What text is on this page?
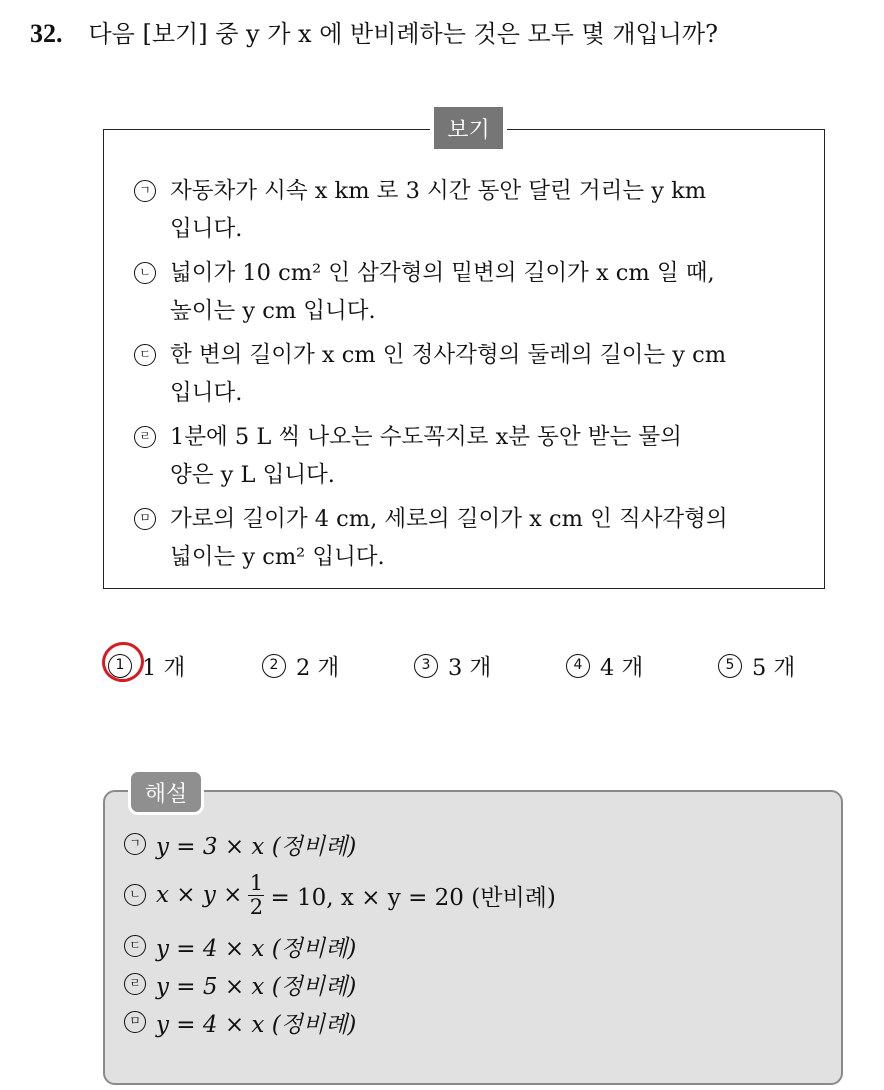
32. 다음 [보기] 중 y 가 x 에 반비례하는 것은 모두 몇 개입니까?
보기
ㄱ 자동차가 시속 x km 로 3 시간 동안 달린 거리는 y km
입니다.
ㄴ 넓이가 10 cm² 인 삼각형의 밑변의 길이가 x cm 일 때,
높이는 y cm 입니다.
ㄷ 한 변의 길이가 x cm 인 정사각형의 둘레의 길이는 y cm
입니다.
ㄹ 1분에 5 L 씩 나오는 수도꼭지로 x분 동안 받는 물의
양은 y L 입니다.
ㅁ 가로의 길이가 4 cm, 세로의 길이가 x cm 인 직사각형의
넓이는 y cm² 입니다.
1 1 개	2 2 개	3 3 개	4 4 개	5 5 개
해설
ㄱ y = 3 × x (정비례)
ㄴ $x \times y \times \frac{1}{2} = 10$, x × y = 20 (반비례)
ㄷ y = 4 × x (정비례)
ㄹ y = 5 × x (정비례)
ㅁ y = 4 × x (정비례)
